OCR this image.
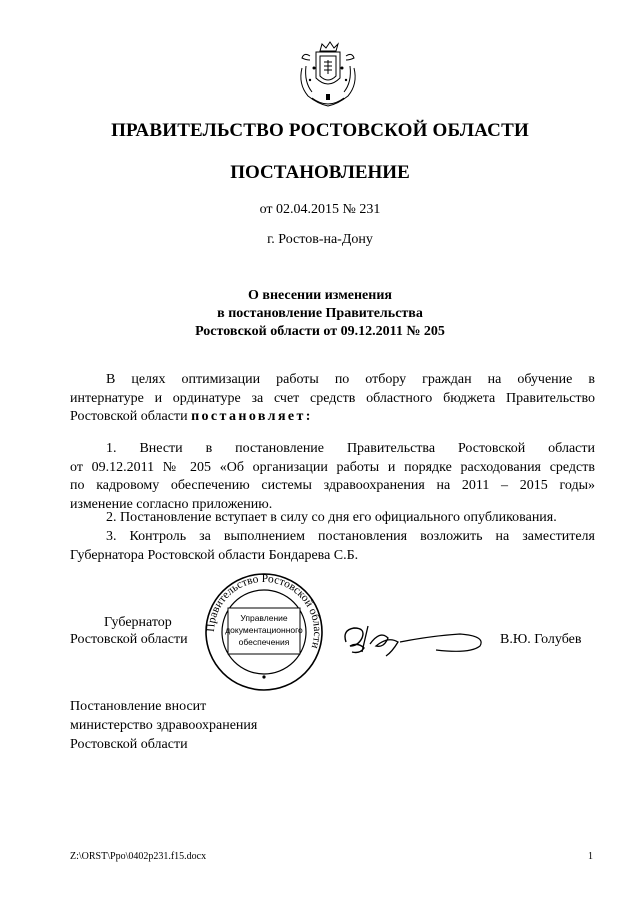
ПРАВИТЕЛЬСТВО РОСТОВСКОЙ ОБЛАСТИ
ПОСТАНОВЛЕНИЕ
от 02.04.2015 № 231
г. Ростов-на-Дону
О внесении изменения
в постановление Правительства
Ростовской области от 09.12.2011 № 205
В целях оптимизации работы по отбору граждан на обучение в
интернатуре и ординатуре за счет средств областного бюджета Правительство
Ростовской области постановляет:
1. Внести в постановление Правительства Ростовской области
от 09.12.2011 № 205 «Об организации работы и порядке расходования средств
по кадровому обеспечению системы здравоохранения на 2011 – 2015 годы»
изменение согласно приложению.
2. Постановление вступает в силу со дня его официального опубликования.
3. Контроль за выполнением постановления возложить на заместителя
Губернатора Ростовской области Бондарева С.Б.
Губернатор
Ростовской области	В.Ю. Голубев
Правительство Ростовской области
Управление
документационного
обеспечения
Постановление вносит
министерство здравоохранения
Ростовской области
Z:\ORST\Ppo\0402p231.f15.docx	1
